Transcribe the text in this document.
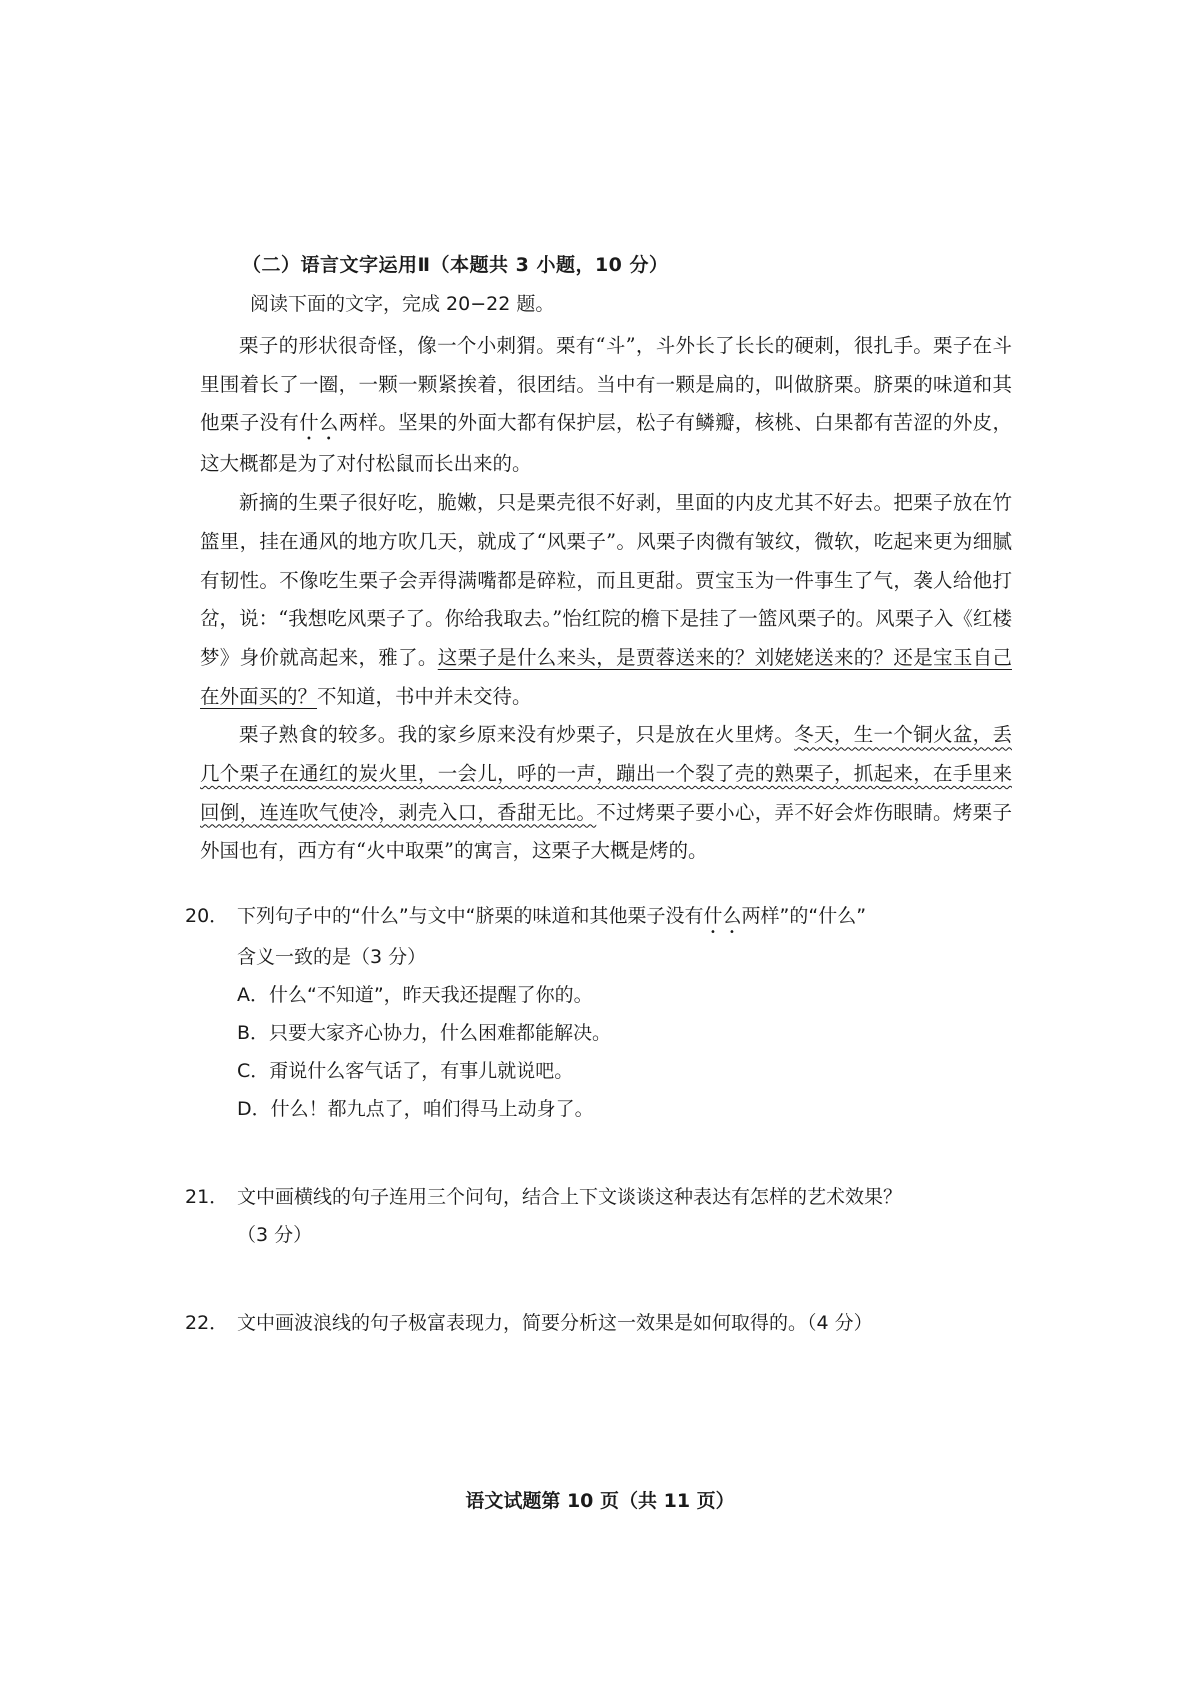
（二）语言文字运用Ⅱ（本题共 3 小题，10 分）
阅读下面的文字，完成 20−22 题。

栗子的形状很奇怪，像一个小刺猬。栗有“斗”，斗外长了长长的硬刺，很扎手。栗子在斗里围着长了一圈，一颗一颗紧挨着，很团结。当中有一颗是扁的，叫做脐栗。脐栗的味道和其他栗子没有什么两样。坚果的外面大都有保护层，松子有鳞瓣，核桃、白果都有苦涩的外皮，这大概都是为了对付松鼠而长出来的。

新摘的生栗子很好吃，脆嫩，只是栗壳很不好剥，里面的内皮尤其不好去。把栗子放在竹篮里，挂在通风的地方吹几天，就成了“风栗子”。风栗子肉微有皱纹，微软，吃起来更为细腻有韧性。不像吃生栗子会弄得满嘴都是碎粒，而且更甜。贾宝玉为一件事生了气，袭人给他打岔，说：“我想吃风栗子了。你给我取去。”怡红院的檐下是挂了一篮风栗子的。风栗子入《红楼梦》身价就高起来，雅了。这栗子是什么来头，是贾蓉送来的？刘姥姥送来的？还是宝玉自己在外面买的？不知道，书中并未交待。

栗子熟食的较多。我的家乡原来没有炒栗子，只是放在火里烤。冬天，生一个铜火盆，丢几个栗子在通红的炭火里，一会儿，呼的一声，蹦出一个裂了壳的熟栗子，抓起来，在手里来回倒，连连吹气使冷，剥壳入口，香甜无比。不过烤栗子要小心，弄不好会炸伤眼睛。烤栗子外国也有，西方有“火中取栗”的寓言，这栗子大概是烤的。

20． 下列句子中的“什么”与文中“脐栗的味道和其他栗子没有什么两样”的“什么”
含义一致的是（3 分）
A．什么“不知道”，昨天我还提醒了你的。
B．只要大家齐心协力，什么困难都能解决。
C．甭说什么客气话了，有事儿就说吧。
D．什么！都九点了，咱们得马上动身了。
21． 文中画横线的句子连用三个问句，结合上下文谈谈这种表达有怎样的艺术效果？
（3 分）
22． 文中画波浪线的句子极富表现力，简要分析这一效果是如何取得的。（4 分）
语文试题第 10 页（共 11 页）
